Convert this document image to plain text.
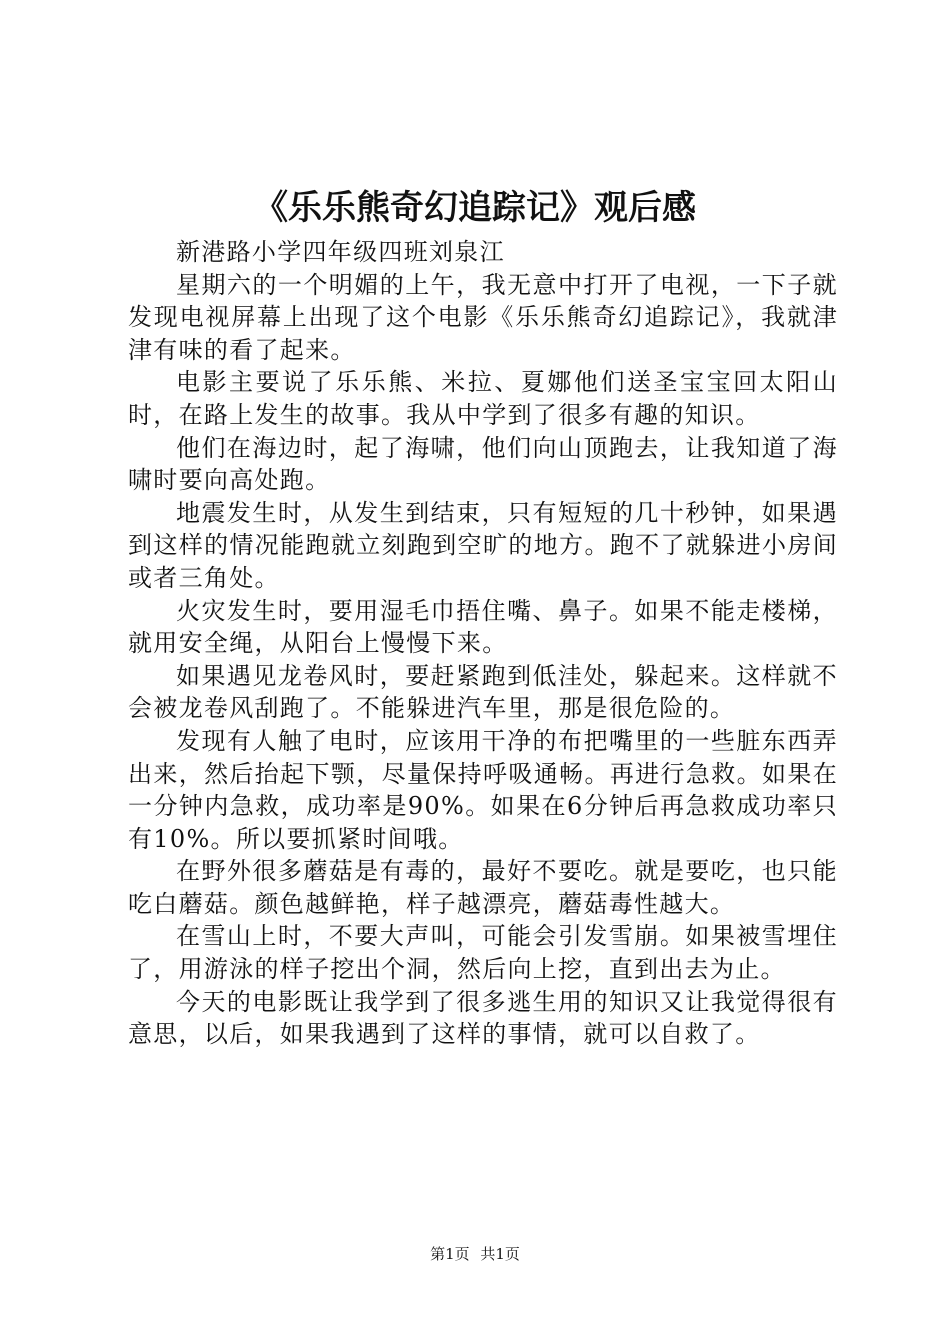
《乐乐熊奇幻追踪记》观后感

新港路小学四年级四班刘泉江

星期六的一个明媚的上午，我无意中打开了电视，一下子就发现电视屏幕上出现了这个电影《乐乐熊奇幻追踪记》，我就津津有味的看了起来。

电影主要说了乐乐熊、米拉、夏娜他们送圣宝宝回太阳山时，在路上发生的故事。我从中学到了很多有趣的知识。

他们在海边时，起了海啸，他们向山顶跑去，让我知道了海啸时要向高处跑。

地震发生时，从发生到结束，只有短短的几十秒钟，如果遇到这样的情况能跑就立刻跑到空旷的地方。跑不了就躲进小房间或者三角处。

火灾发生时，要用湿毛巾捂住嘴、鼻子。如果不能走楼梯，就用安全绳，从阳台上慢慢下来。

如果遇见龙卷风时，要赶紧跑到低洼处，躲起来。这样就不会被龙卷风刮跑了。不能躲进汽车里，那是很危险的。

发现有人触了电时，应该用干净的布把嘴里的一些脏东西弄出来，然后抬起下颚，尽量保持呼吸通畅。再进行急救。如果在一分钟内急救，成功率是90%。如果在6分钟后再急救成功率只有10%。所以要抓紧时间哦。

在野外很多蘑菇是有毒的，最好不要吃。就是要吃，也只能吃白蘑菇。颜色越鲜艳，样子越漂亮，蘑菇毒性越大。

在雪山上时，不要大声叫，可能会引发雪崩。如果被雪埋住了，用游泳的样子挖出个洞，然后向上挖，直到出去为止。

今天的电影既让我学到了很多逃生用的知识又让我觉得很有意思，以后，如果我遇到了这样的事情，就可以自救了。

第1页 共1页
